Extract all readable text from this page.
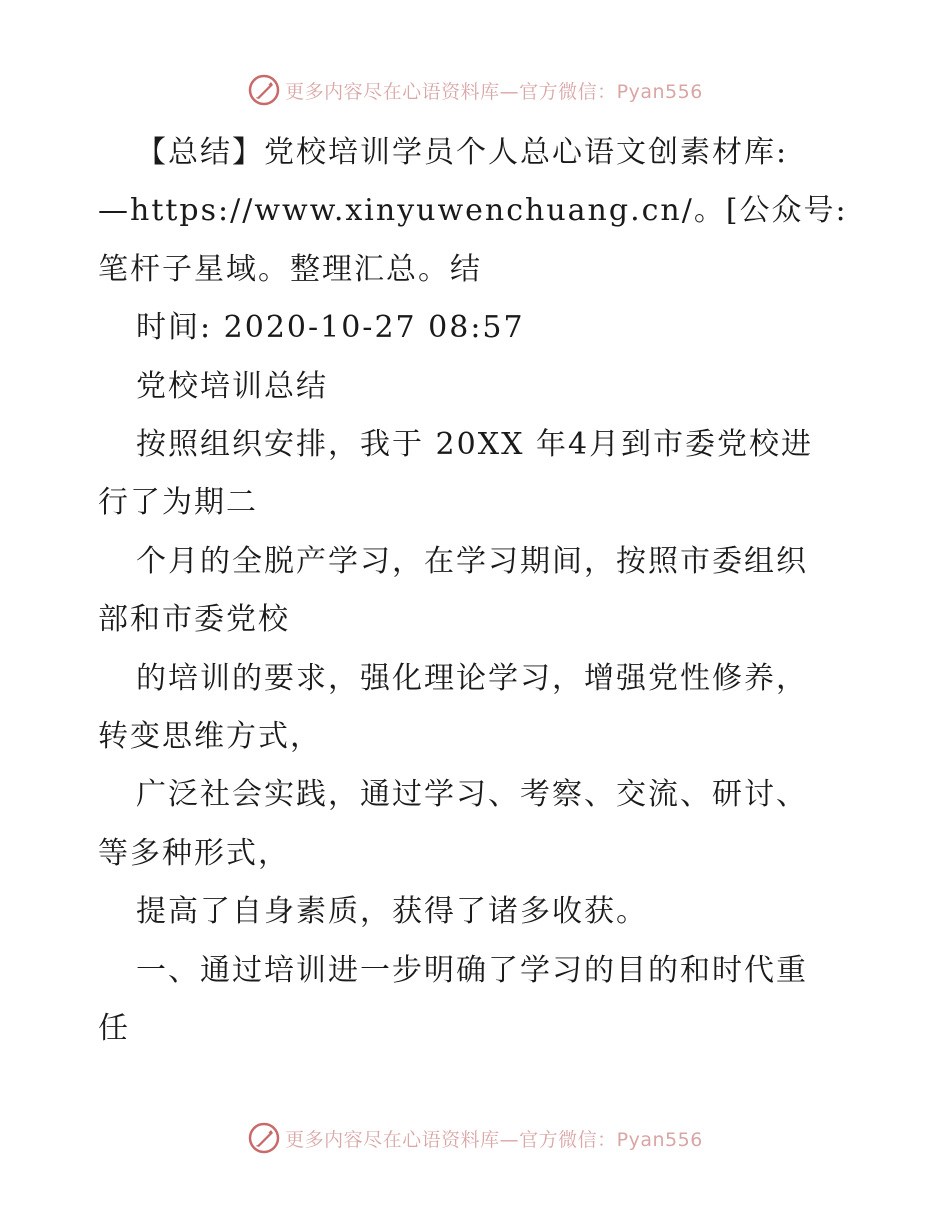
更多内容尽在心语资料库—官方微信：Pyan556

【总结】党校培训学员个人总心语文创素材库:

—https://www.xinyuwenchuang.cn/。[公众号:

笔杆子星域。整理汇总。结

时间: 2020-10-27 08:57

党校培训总结

按照组织安排，我于 20XX 年4月到市委党校进

行了为期二

个月的全脱产学习，在学习期间，按照市委组织

部和市委党校

的培训的要求，强化理论学习，增强党性修养，

转变思维方式，

广泛社会实践，通过学习、考察、交流、研讨、

等多种形式，

提高了自身素质，获得了诸多收获。

一、通过培训进一步明确了学习的目的和时代重

任

更多内容尽在心语资料库—官方微信：Pyan556
